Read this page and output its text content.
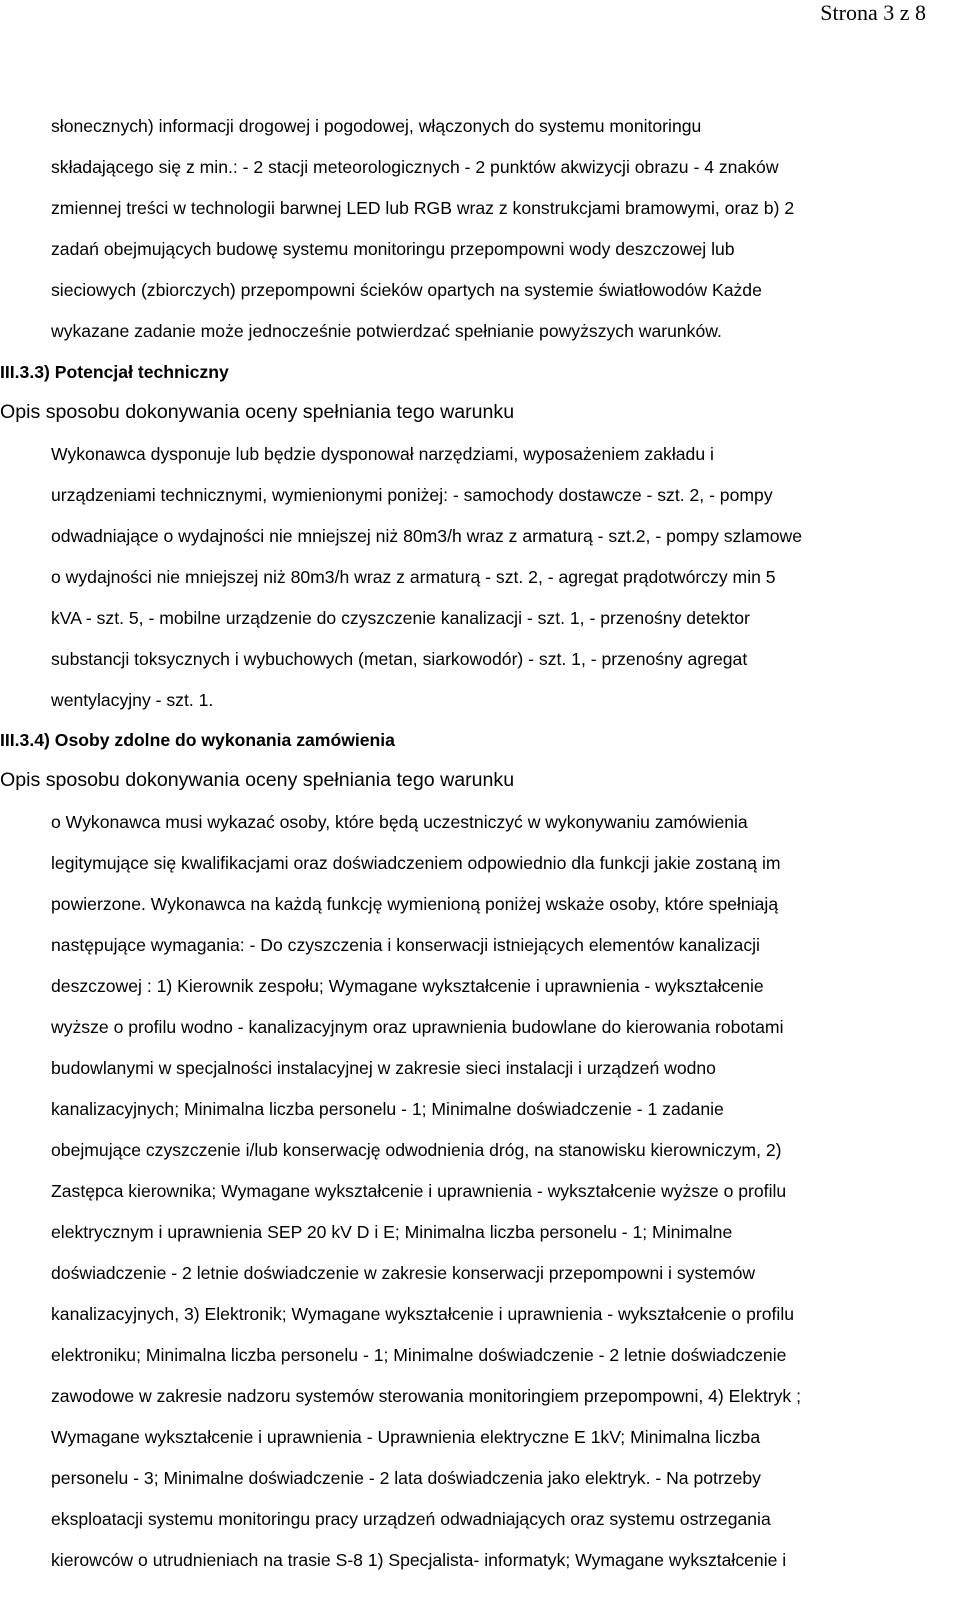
Strona 3 z 8
słonecznych) informacji drogowej i pogodowej, włączonych do systemu monitoringu
składającego się z min.: - 2 stacji meteorologicznych - 2 punktów akwizycji obrazu - 4 znaków
zmiennej treści w technologii barwnej LED lub RGB wraz z konstrukcjami bramowymi, oraz b) 2
zadań obejmujących budowę systemu monitoringu przepompowni wody deszczowej lub
sieciowych (zbiorczych) przepompowni ścieków opartych na systemie światłowodów Każde
wykazane zadanie może jednocześnie potwierdzać spełnianie powyższych warunków.
III.3.3) Potencjał techniczny
Opis sposobu dokonywania oceny spełniania tego warunku
Wykonawca dysponuje lub będzie dysponował narzędziami, wyposażeniem zakładu i
urządzeniami technicznymi, wymienionymi poniżej: - samochody dostawcze - szt. 2, - pompy
odwadniające o wydajności nie mniejszej niż 80m3/h wraz z armaturą - szt.2, - pompy szlamowe
o wydajności nie mniejszej niż 80m3/h wraz z armaturą - szt. 2, - agregat prądotwórczy min 5
kVA - szt. 5, - mobilne urządzenie do czyszczenie kanalizacji - szt. 1, - przenośny detektor
substancji toksycznych i wybuchowych (metan, siarkowodór) - szt. 1, - przenośny agregat
wentylacyjny - szt. 1.
III.3.4) Osoby zdolne do wykonania zamówienia
Opis sposobu dokonywania oceny spełniania tego warunku
o Wykonawca musi wykazać osoby, które będą uczestniczyć w wykonywaniu zamówienia
legitymujące się kwalifikacjami oraz doświadczeniem odpowiednio dla funkcji jakie zostaną im
powierzone. Wykonawca na każdą funkcję wymienioną poniżej wskaże osoby, które spełniają
następujące wymagania: - Do czyszczenia i konserwacji istniejących elementów kanalizacji
deszczowej : 1) Kierownik zespołu; Wymagane wykształcenie i uprawnienia - wykształcenie
wyższe o profilu wodno - kanalizacyjnym oraz uprawnienia budowlane do kierowania robotami
budowlanymi w specjalności instalacyjnej w zakresie sieci instalacji i urządzeń wodno
kanalizacyjnych; Minimalna liczba personelu - 1; Minimalne doświadczenie - 1 zadanie
obejmujące czyszczenie i/lub konserwację odwodnienia dróg, na stanowisku kierowniczym, 2)
Zastępca kierownika; Wymagane wykształcenie i uprawnienia - wykształcenie wyższe o profilu
elektrycznym i uprawnienia SEP 20 kV D i E; Minimalna liczba personelu - 1; Minimalne
doświadczenie - 2 letnie doświadczenie w zakresie konserwacji przepompowni i systemów
kanalizacyjnych, 3) Elektronik; Wymagane wykształcenie i uprawnienia - wykształcenie o profilu
elektroniku; Minimalna liczba personelu - 1; Minimalne doświadczenie - 2 letnie doświadczenie
zawodowe w zakresie nadzoru systemów sterowania monitoringiem przepompowni, 4) Elektryk ;
Wymagane wykształcenie i uprawnienia - Uprawnienia elektryczne E 1kV; Minimalna liczba
personelu - 3; Minimalne doświadczenie - 2 lata doświadczenia jako elektryk. - Na potrzeby
eksploatacji systemu monitoringu pracy urządzeń odwadniających oraz systemu ostrzegania
kierowców o utrudnieniach na trasie S-8 1) Specjalista- informatyk; Wymagane wykształcenie i
